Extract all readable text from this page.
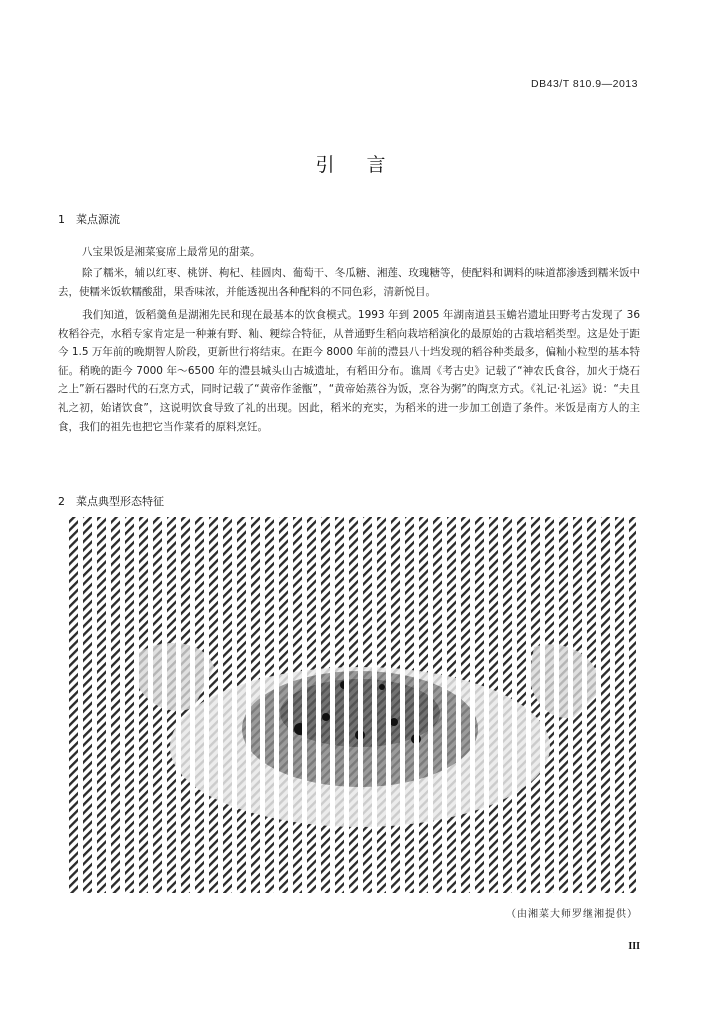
DB43/T 810.9—2013
引言
1 菜点源流

八宝果饭是湘菜宴席上最常见的甜菜。

除了糯米，辅以红枣、桃饼、枸杞、桂圆肉、葡萄干、冬瓜糖、湘莲、玫瑰糖等，使配料和调料的味道都渗透到糯米饭中去，使糯米饭软糯酸甜，果香味浓，并能透视出各种配料的不同色彩，清新悦目。

我们知道，饭稻羹鱼是湖湘先民和现在最基本的饮食模式。1993 年到 2005 年湖南道县玉蟾岩遗址田野考古发现了 36 枚稻谷壳，水稻专家肯定是一种兼有野、籼、粳综合特征，从普通野生稻向栽培稻演化的最原始的古栽培稻类型。这是处于距今 1.5 万年前的晚期智人阶段，更新世行将结束。在距今 8000 年前的澧县八十垱发现的稻谷种类最多，偏籼小粒型的基本特征。稍晚的距今 7000 年～6500 年的澧县城头山古城遗址，有稻田分布。谯周《考古史》记载了“神农氏食谷，加火于烧石之上”新石器时代的石烹方式，同时记载了“黄帝作釜甑”，“黄帝始蒸谷为饭，烹谷为粥”的陶烹方式。《礼记·礼运》说：“夫且礼之初，始诸饮食”，这说明饮食导致了礼的出现。因此，稻米的充实，为稻米的进一步加工创造了条件。米饭是南方人的主食，我们的祖先也把它当作菜肴的原料烹饪。

2 菜点典型形态特征
（由湘菜大师罗继湘提供）
III
